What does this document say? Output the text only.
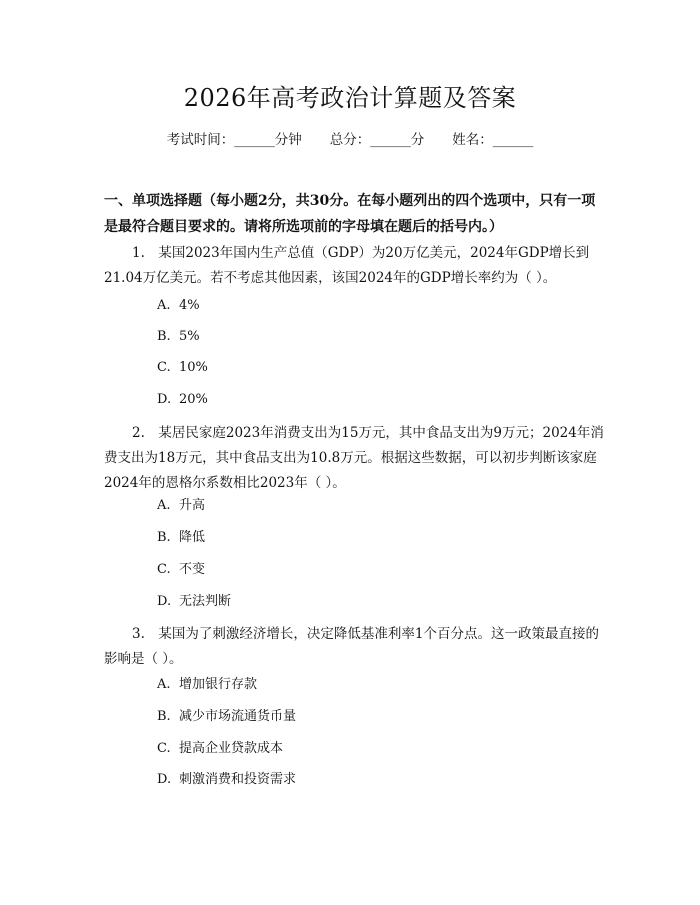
2026年高考政治计算题及答案
考试时间：______分钟 总分：______分 姓名：______
一、单项选择题（每小题2分，共30分。在每小题列出的四个选项中，只有一项是最符合题目要求的。请将所选项前的字母填在题后的括号内。）
1.　某国2023年国内生产总值（GDP）为20万亿美元，2024年GDP增长到21.04万亿美元。若不考虑其他因素，该国2024年的GDP增长率约为（ ）。
A. 4%
B. 5%
C. 10%
D. 20%
2.　某居民家庭2023年消费支出为15万元，其中食品支出为9万元；2024年消费支出为18万元，其中食品支出为10.8万元。根据这些数据，可以初步判断该家庭2024年的恩格尔系数相比2023年（ ）。
A. 升高
B. 降低
C. 不变
D. 无法判断
3.　某国为了刺激经济增长，决定降低基准利率1个百分点。这一政策最直接的影响是（ ）。
A. 增加银行存款
B. 减少市场流通货币量
C. 提高企业贷款成本
D. 刺激消费和投资需求
